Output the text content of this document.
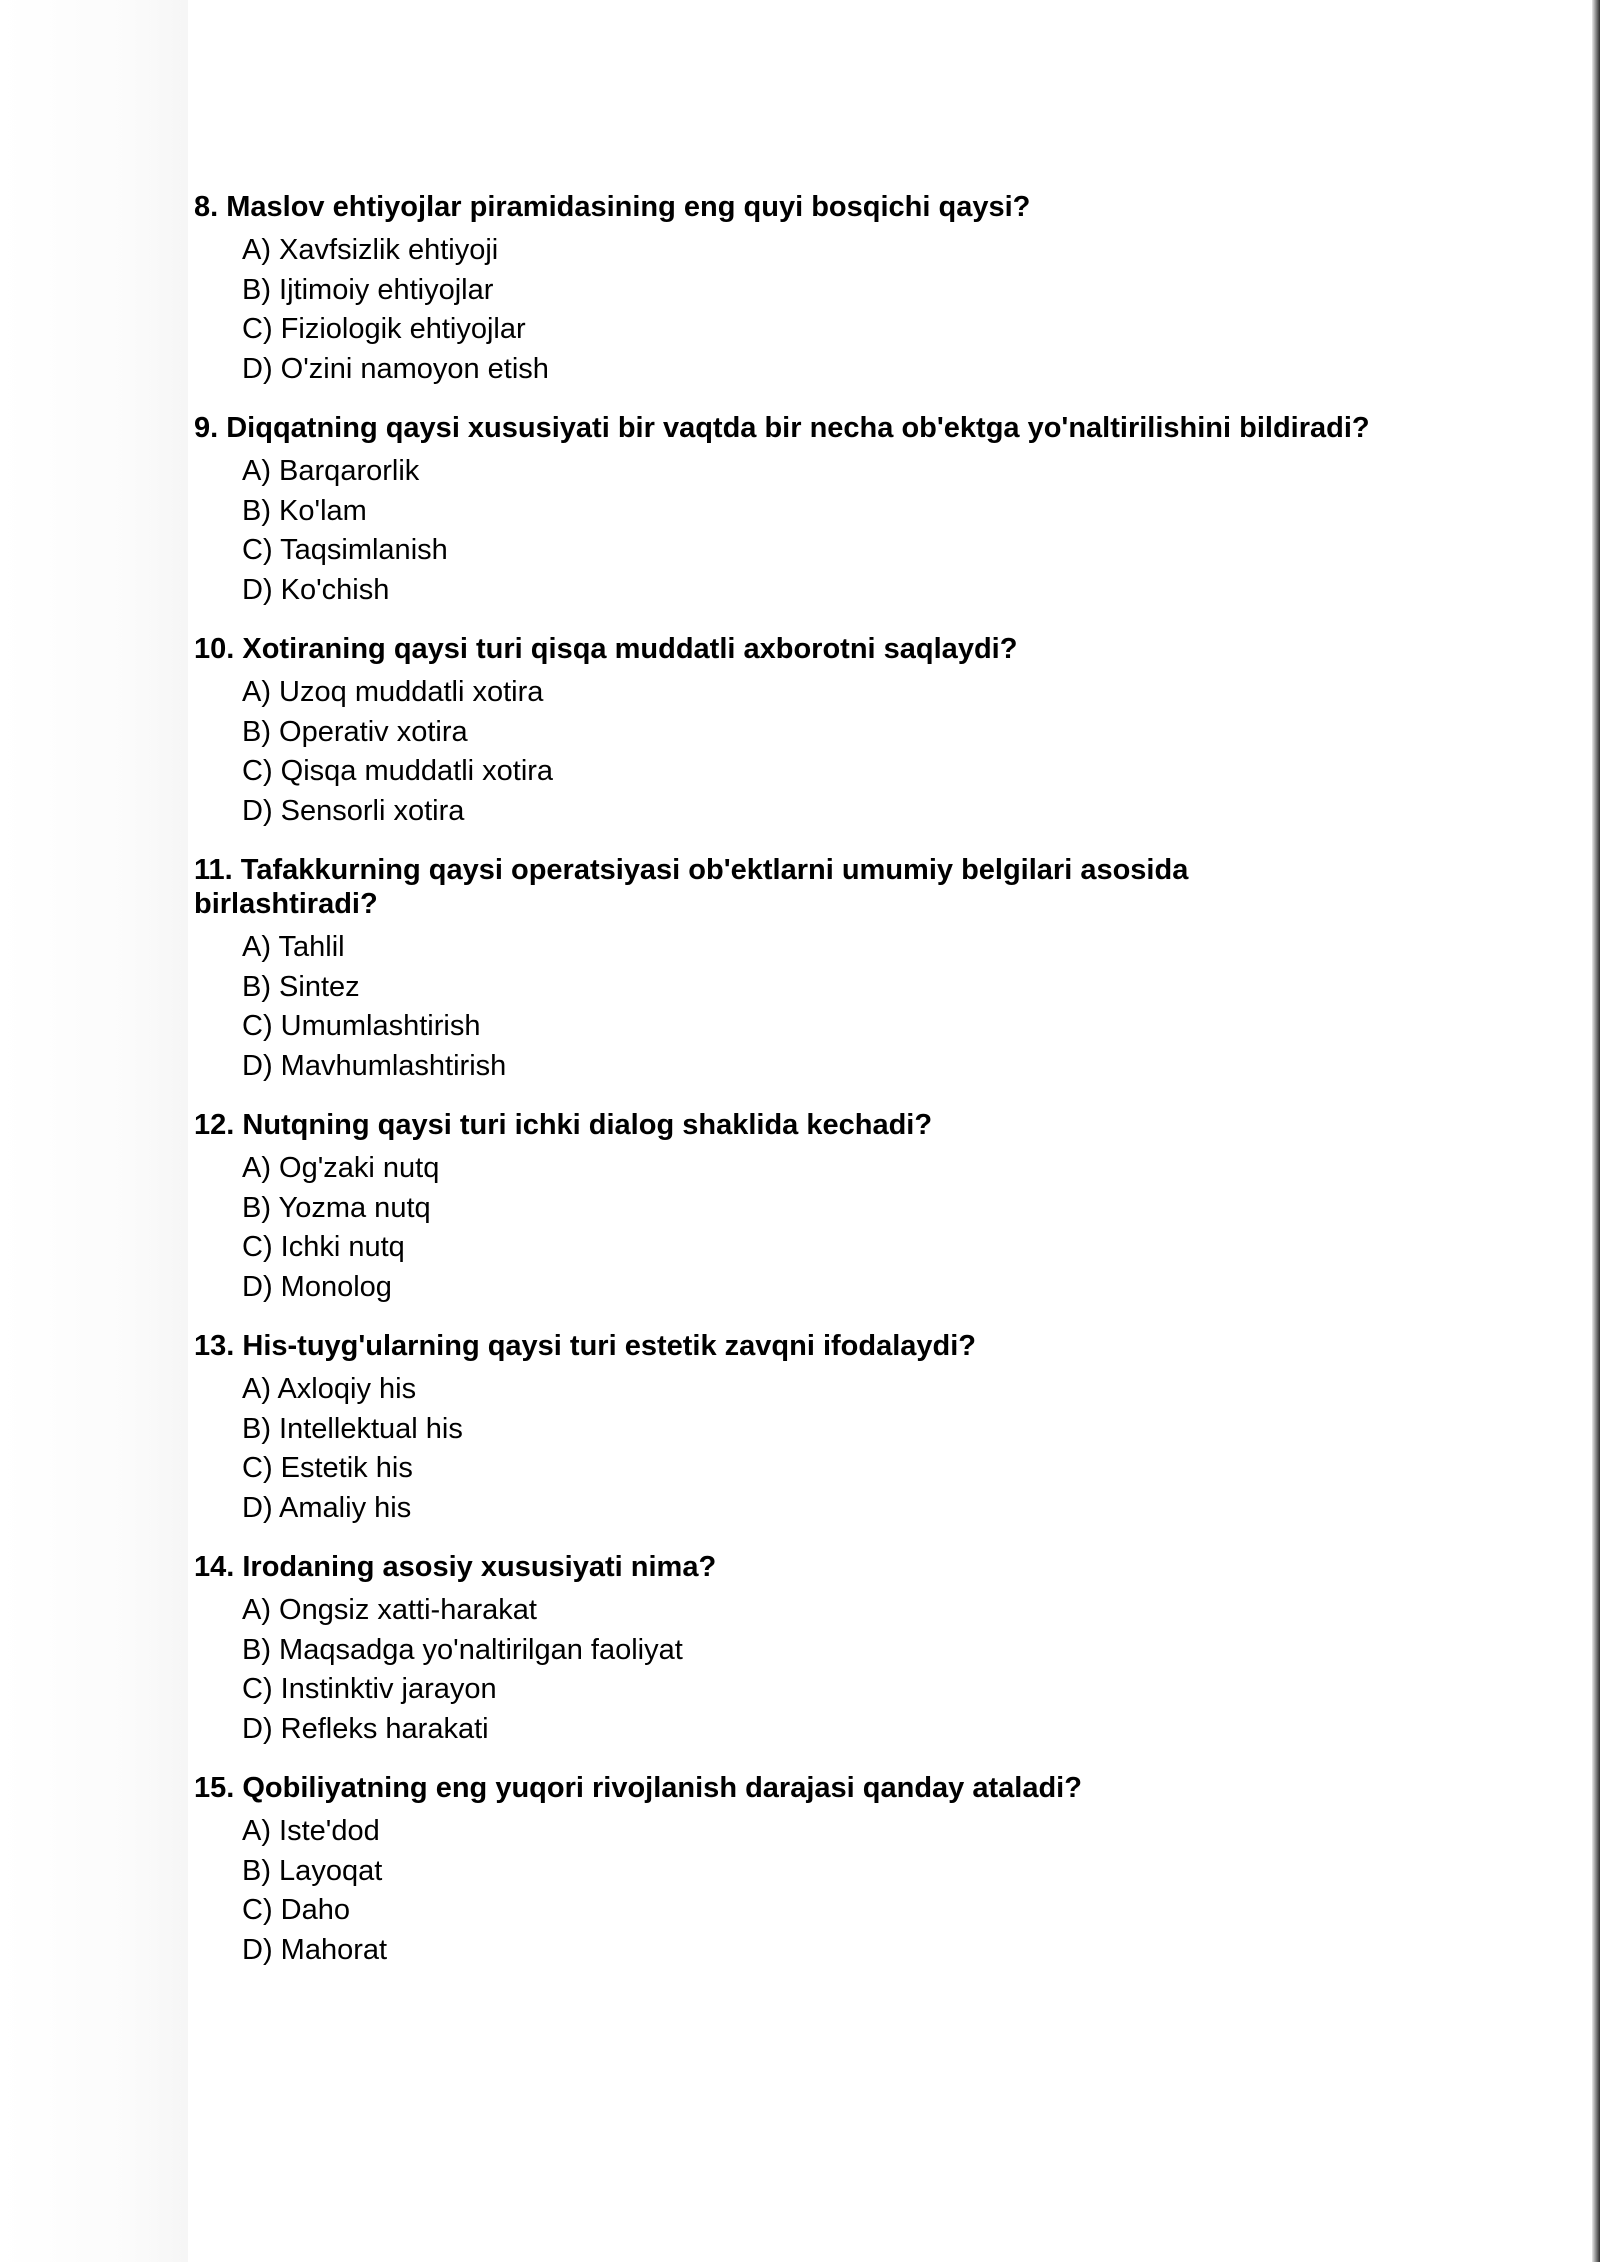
8. Maslov ehtiyojlar piramidasining eng quyi bosqichi qaysi?
A) Xavfsizlik ehtiyoji
B) Ijtimoiy ehtiyojlar
C) Fiziologik ehtiyojlar
D) O'zini namoyon etish
9. Diqqatning qaysi xususiyati bir vaqtda bir necha ob'ektga yo'naltirilishini bildiradi?
A) Barqarorlik
B) Ko'lam
C) Taqsimlanish
D) Ko'chish
10. Xotiraning qaysi turi qisqa muddatli axborotni saqlaydi?
A) Uzoq muddatli xotira
B) Operativ xotira
C) Qisqa muddatli xotira
D) Sensorli xotira
11. Tafakkurning qaysi operatsiyasi ob'ektlarni umumiy belgilari asosida birlashtiradi?
A) Tahlil
B) Sintez
C) Umumlashtirish
D) Mavhumlashtirish
12. Nutqning qaysi turi ichki dialog shaklida kechadi?
A) Og'zaki nutq
B) Yozma nutq
C) Ichki nutq
D) Monolog
13. His-tuyg'ularning qaysi turi estetik zavqni ifodalaydi?
A) Axloqiy his
B) Intellektual his
C) Estetik his
D) Amaliy his
14. Irodaning asosiy xususiyati nima?
A) Ongsiz xatti-harakat
B) Maqsadga yo'naltirilgan faoliyat
C) Instinktiv jarayon
D) Refleks harakati
15. Qobiliyatning eng yuqori rivojlanish darajasi qanday ataladi?
A) Iste'dod
B) Layoqat
C) Daho
D) Mahorat
